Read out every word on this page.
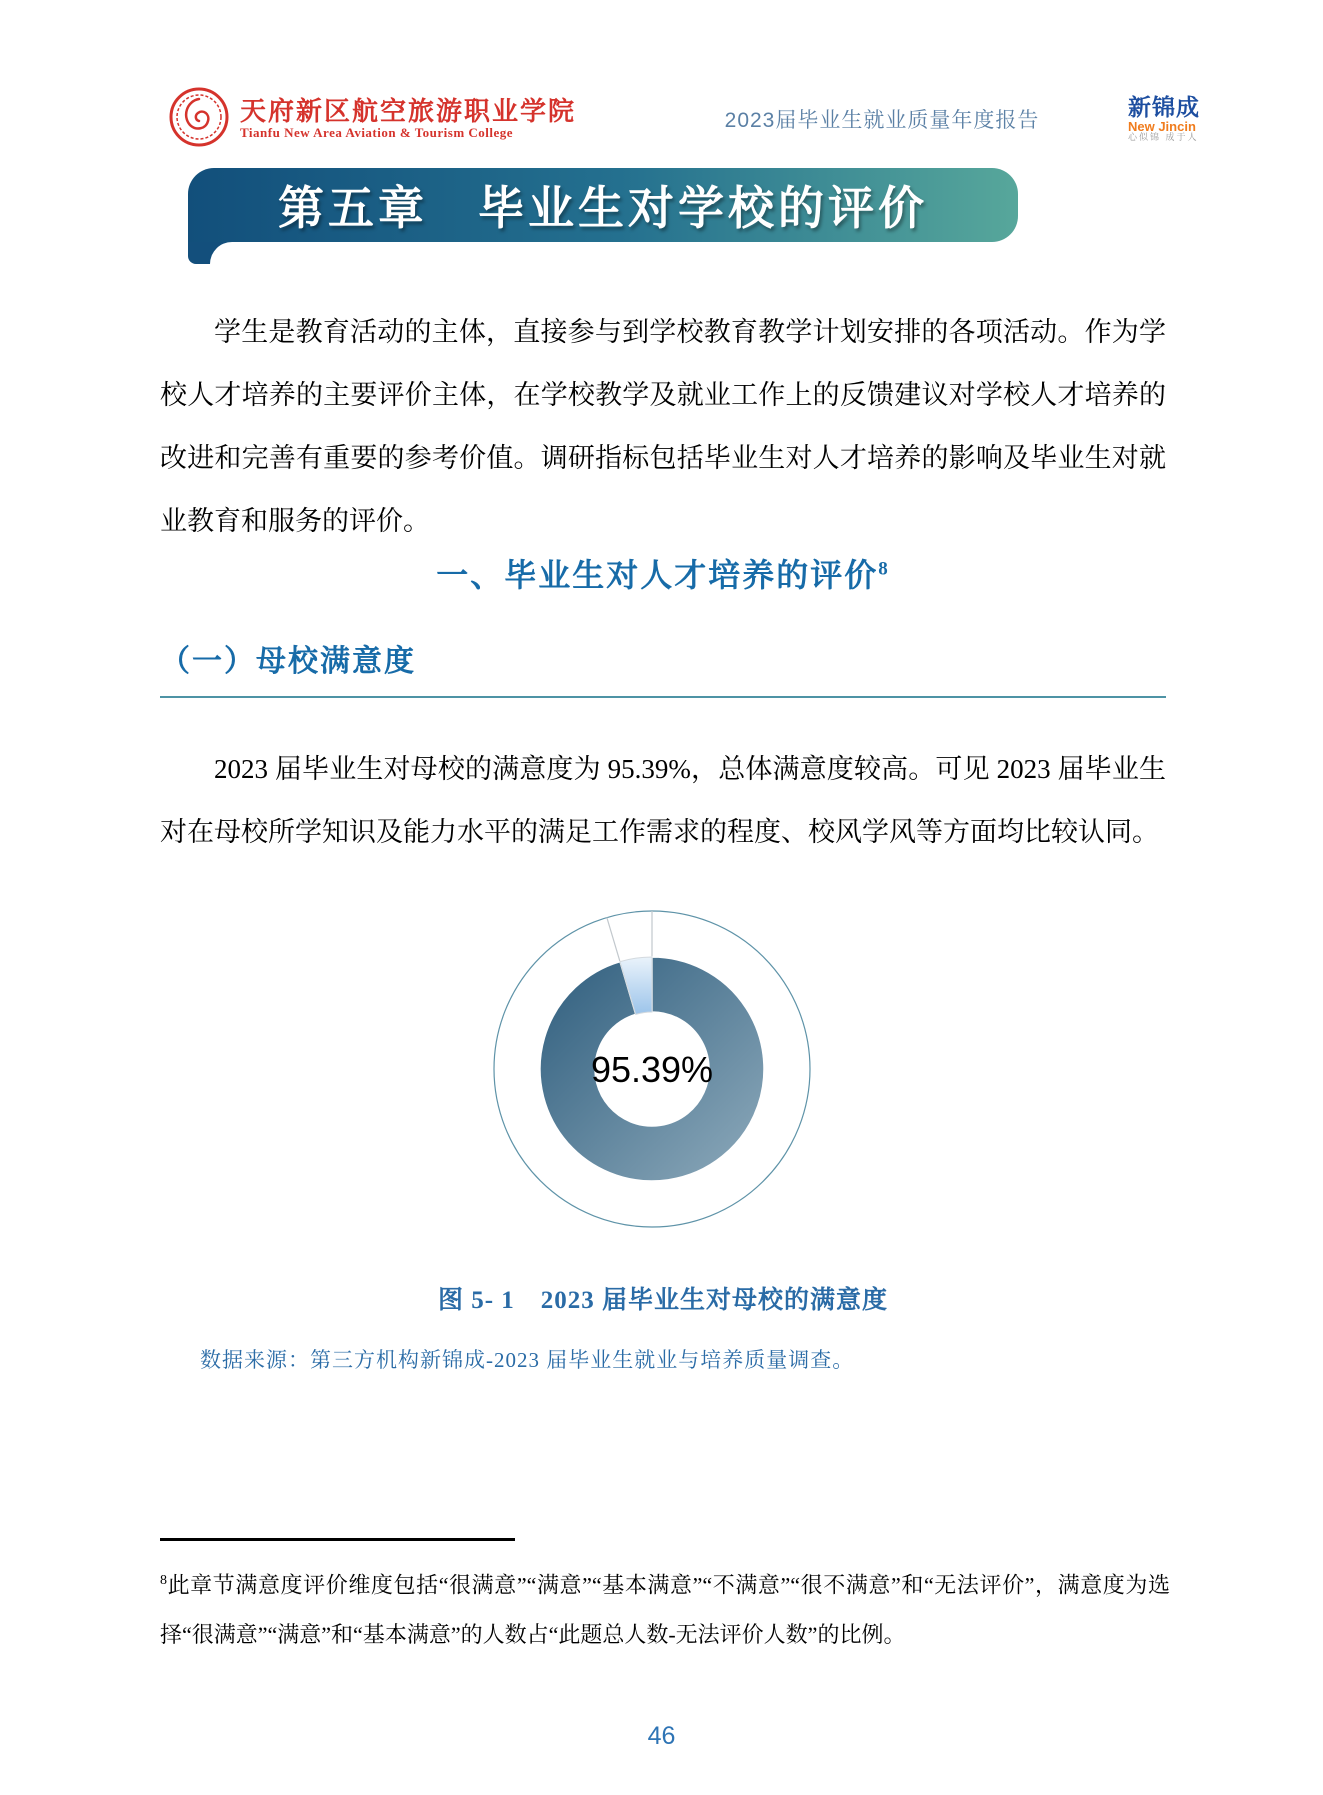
天府新区航空旅游职业学院
Tianfu New Area Aviation & Tourism College
2023届毕业生就业质量年度报告
新锦成
New Jincin
心似锦 成于人
第五章　毕业生对学校的评价

学生是教育活动的主体，直接参与到学校教育教学计划安排的各项活动。作为学校人才培养的主要评价主体，在学校教学及就业工作上的反馈建议对学校人才培养的改进和完善有重要的参考价值。调研指标包括毕业生对人才培养的影响及毕业生对就业教育和服务的评价。

一、毕业生对人才培养的评价$^8$
（一）母校满意度

2023 届毕业生对母校的满意度为 95.39%，总体满意度较高。可见 2023 届毕业生对在母校所学知识及能力水平的满足工作需求的程度、校风学风等方面均比较认同。

95.39%
图 5- 1　2023 届毕业生对母校的满意度
数据来源：第三方机构新锦成-2023 届毕业生就业与培养质量调查。
$^8$此章节满意度评价维度包括“很满意”“满意”“基本满意”“不满意”“很不满意”和“无法评价”，满意度为选择“很满意”“满意”和“基本满意”的人数占“此题总人数-无法评价人数”的比例。
46
